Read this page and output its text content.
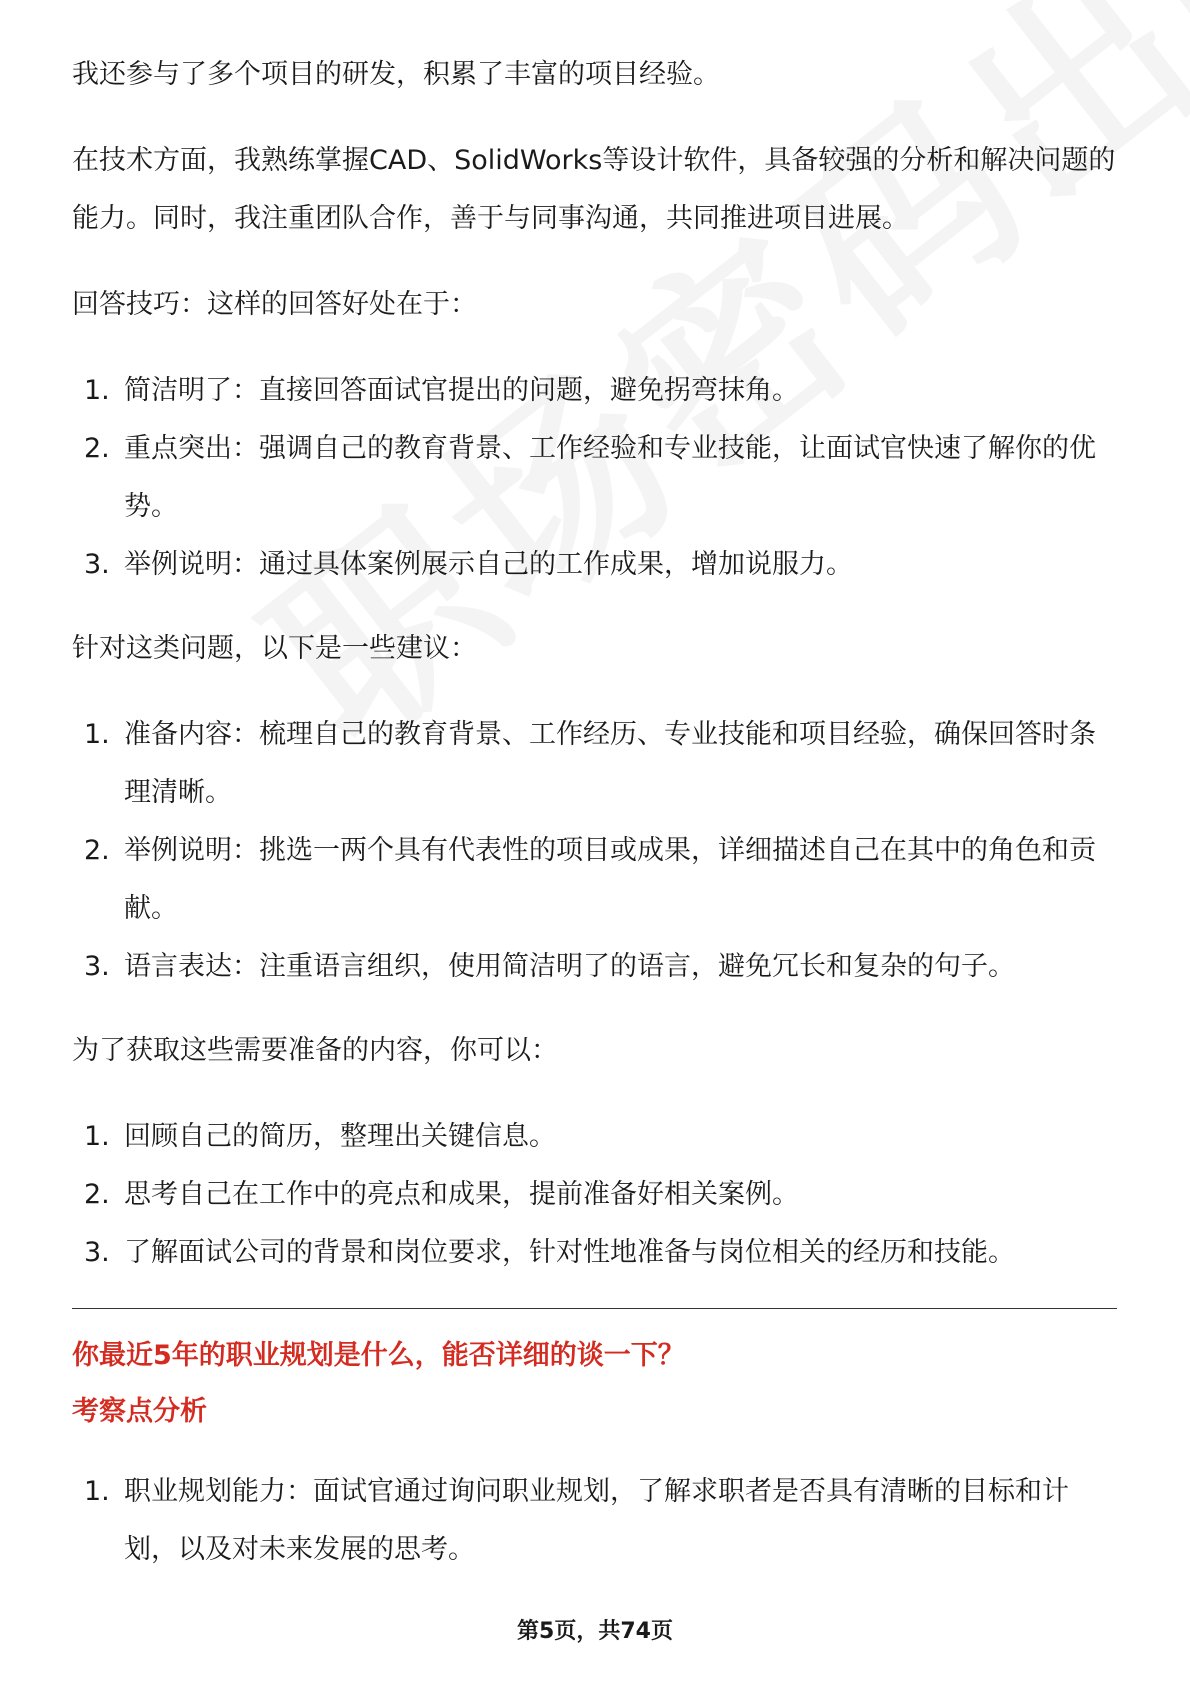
我还参与了多个项目的研发，积累了丰富的项目经验。

在技术方面，我熟练掌握CAD、SolidWorks等设计软件，具备较强的分析和解决问题的能力。同时，我注重团队合作，善于与同事沟通，共同推进项目进展。

回答技巧：这样的回答好处在于：

1. 简洁明了：直接回答面试官提出的问题，避免拐弯抹角。
2. 重点突出：强调自己的教育背景、工作经验和专业技能，让面试官快速了解你的优势。
3. 举例说明：通过具体案例展示自己的工作成果，增加说服力。

针对这类问题，以下是一些建议：

1. 准备内容：梳理自己的教育背景、工作经历、专业技能和项目经验，确保回答时条理清晰。
2. 举例说明：挑选一两个具有代表性的项目或成果，详细描述自己在其中的角色和贡献。
3. 语言表达：注重语言组织，使用简洁明了的语言，避免冗长和复杂的句子。

为了获取这些需要准备的内容，你可以：

1. 回顾自己的简历，整理出关键信息。
2. 思考自己在工作中的亮点和成果，提前准备好相关案例。
3. 了解面试公司的背景和岗位要求，针对性地准备与岗位相关的经历和技能。

你最近5年的职业规划是什么，能否详细的谈一下？

考察点分析

1. 职业规划能力：面试官通过询问职业规划，了解求职者是否具有清晰的目标和计划，以及对未来发展的思考。
第5页，共74页
